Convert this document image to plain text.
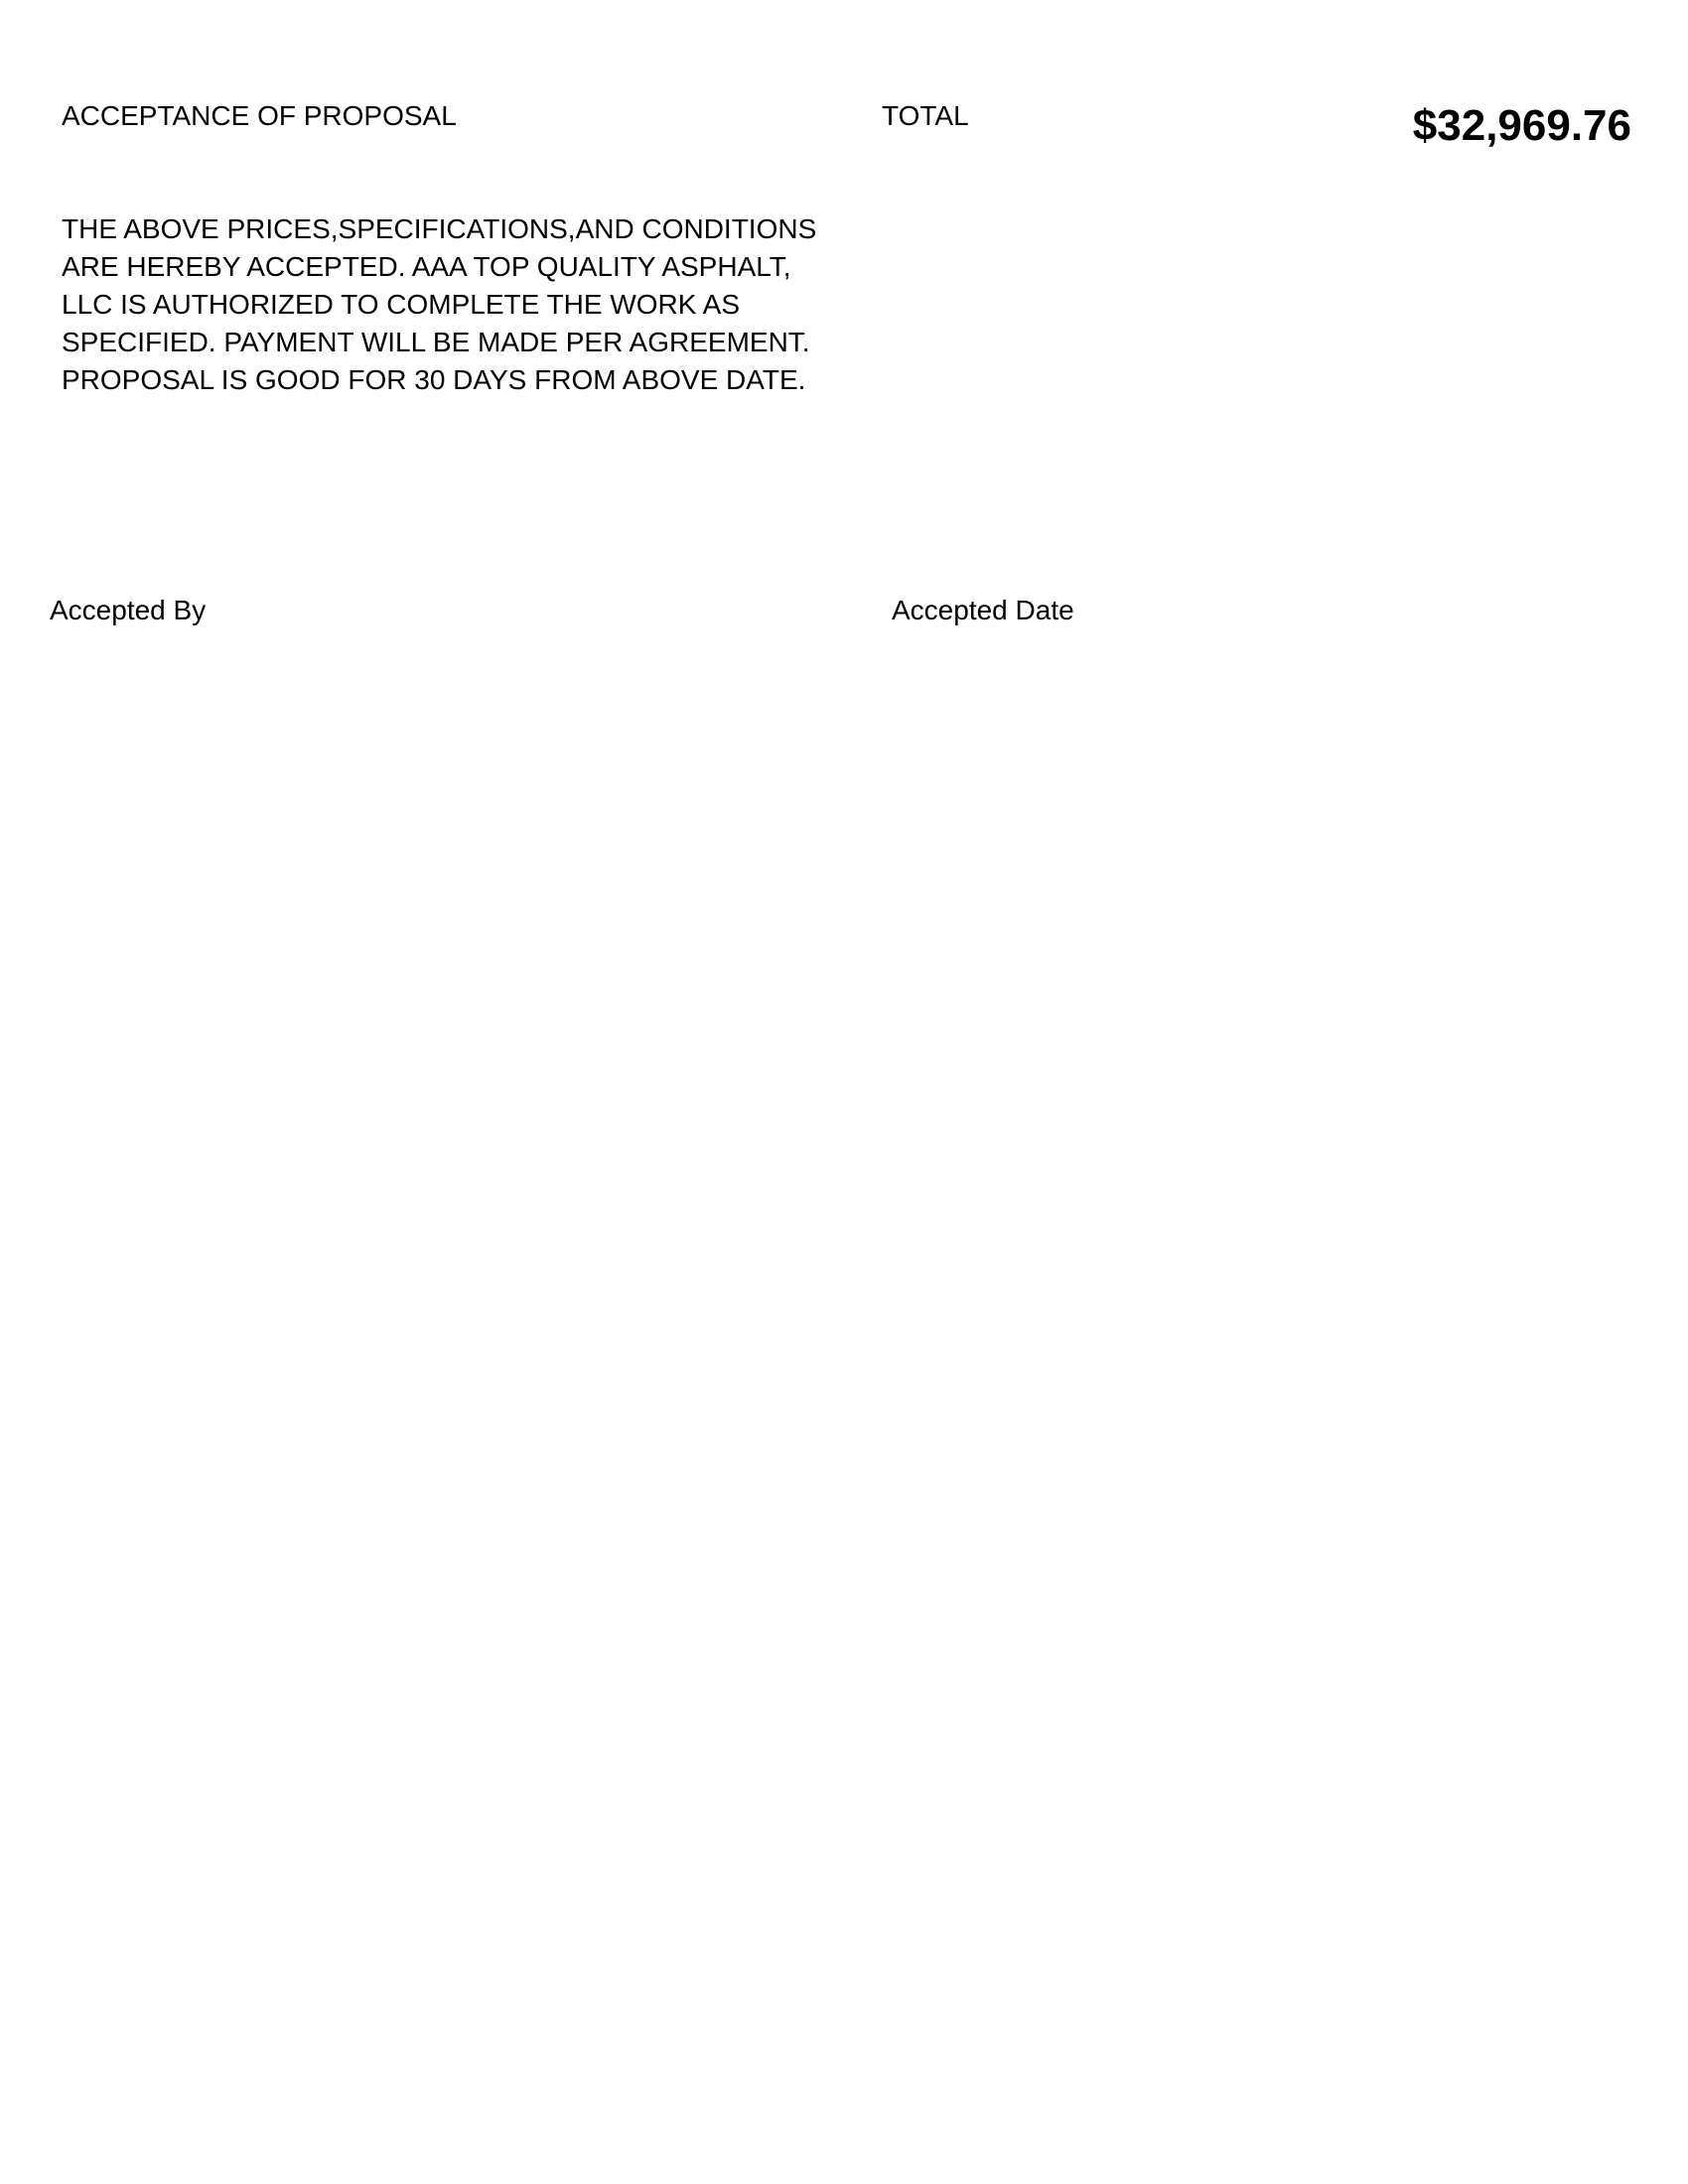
ACCEPTANCE OF PROPOSAL	TOTAL	$32,969.76
THE ABOVE PRICES,SPECIFICATIONS,AND CONDITIONS
ARE HEREBY ACCEPTED. AAA TOP QUALITY ASPHALT,
LLC IS AUTHORIZED TO COMPLETE THE WORK AS
SPECIFIED. PAYMENT WILL BE MADE PER AGREEMENT.
PROPOSAL IS GOOD FOR 30 DAYS FROM ABOVE DATE.
Accepted By	Accepted Date
